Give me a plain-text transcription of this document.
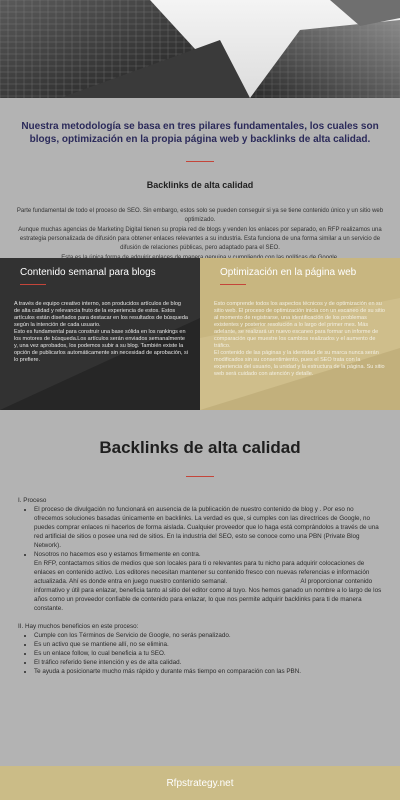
Nuestra metodología se basa en tres pilares fundamentales, los cuales son blogs, optimización en la propia página web y backlinks de alta calidad.

Backlinks de alta calidad

Parte fundamental de todo el proceso de SEO. Sin embargo, estos solo se pueden conseguir si ya se tiene contenido único y un sitio web optimizado.

Aunque muchas agencias de Marketing Digital tienen su propia red de blogs y venden los enlaces por separado, en RFP realizamos una estrategia personalizada de difusión para obtener enlaces relevantes a su industria. Esta funciona de una forma similar a un servicio de difusión de relaciones públicas, pero adaptado para el SEO.

Contenido semanal para blogs

A través de equipo creativo interno, son producidos artículos de blog de alta calidad y relevancia fruto de la experiencia de estos. Estos artículos están diseñados para destacar en los resultados de búsqueda según la intención de cada usuario.

Esto es fundamental para construir una base sólida en los rankings en los motores de búsqueda.Los artículos serán enviados semanalmente y, una vez aprobados, los podemos subir a su blog. También existe la opción de publicarlos automáticamente sin necesidad de aprobación, si lo prefiere.

Optimización en la página web

Esto comprende todos los aspectos técnicos y de optimización en su sitio web. El proceso de optimización inicia con un escaneo de su sitio al momento de registrarse, una identificación de los problemas existentes y posterior resolución a lo largo del primer mes. Más adelante, se realizará un nuevo escaneo para formar un informe de comparación que muestre los cambios realizados y el aumento de tráfico.

El contenido de las páginas y la identidad de su marca nunca serán modificados sin su consentimiento, pues el SEO trata con la experiencia del usuario, la unidad y la estructura de la página. Su sitio web será cuidado con atención y detalle.

Backlinks de alta calidad

I. Proceso

• El proceso de divulgación no funcionará en ausencia de la publicación de nuestro contenido de blog y . Por eso no ofrecemos soluciones basadas únicamente en backlinks. La verdad es que, si cumples con las directrices de Google, no puedes comprar enlaces ni hacerlos de forma aislada. Cualquier proveedor que lo haga está comprándolos a través de una red artificial de sitios o posee una red de sitios. En la industria del SEO, esto se conoce como una PBN (Private Blog Network).
• Nosotros no hacemos eso y estamos firmemente en contra.
En RFP, contactamos sitios de medios que son locales para ti o relevantes para tu nicho para adquirir colocaciones de enlaces en contenido activo. Los editores necesitan mantener su contenido fresco con nuevas referencias e información actualizada. Ahí es donde entra en juego nuestro contenido semanal.                                          Al proporcionar contenido informativo y útil para enlazar, beneficia tanto al sitio del editor como al tuyo. Nos hemos ganado un nombre a lo largo de los años como un proveedor confiable de contenido para enlazar, lo que nos permite adquirir backlinks para ti de manera constante.

II. Hay muchos beneficios en este proceso:

• Cumple con los Términos de Servicio de Google, no serás penalizado.
• Es un activo que se mantiene allí, no se elimina.
• Es un enlace follow, lo cual beneficia a tu SEO.
• El tráfico referido tiene intención y es de alta calidad.
• Te ayuda a posicionarte mucho más rápido y durante más tiempo en comparación con las PBN.
Rfpstrategy.net
